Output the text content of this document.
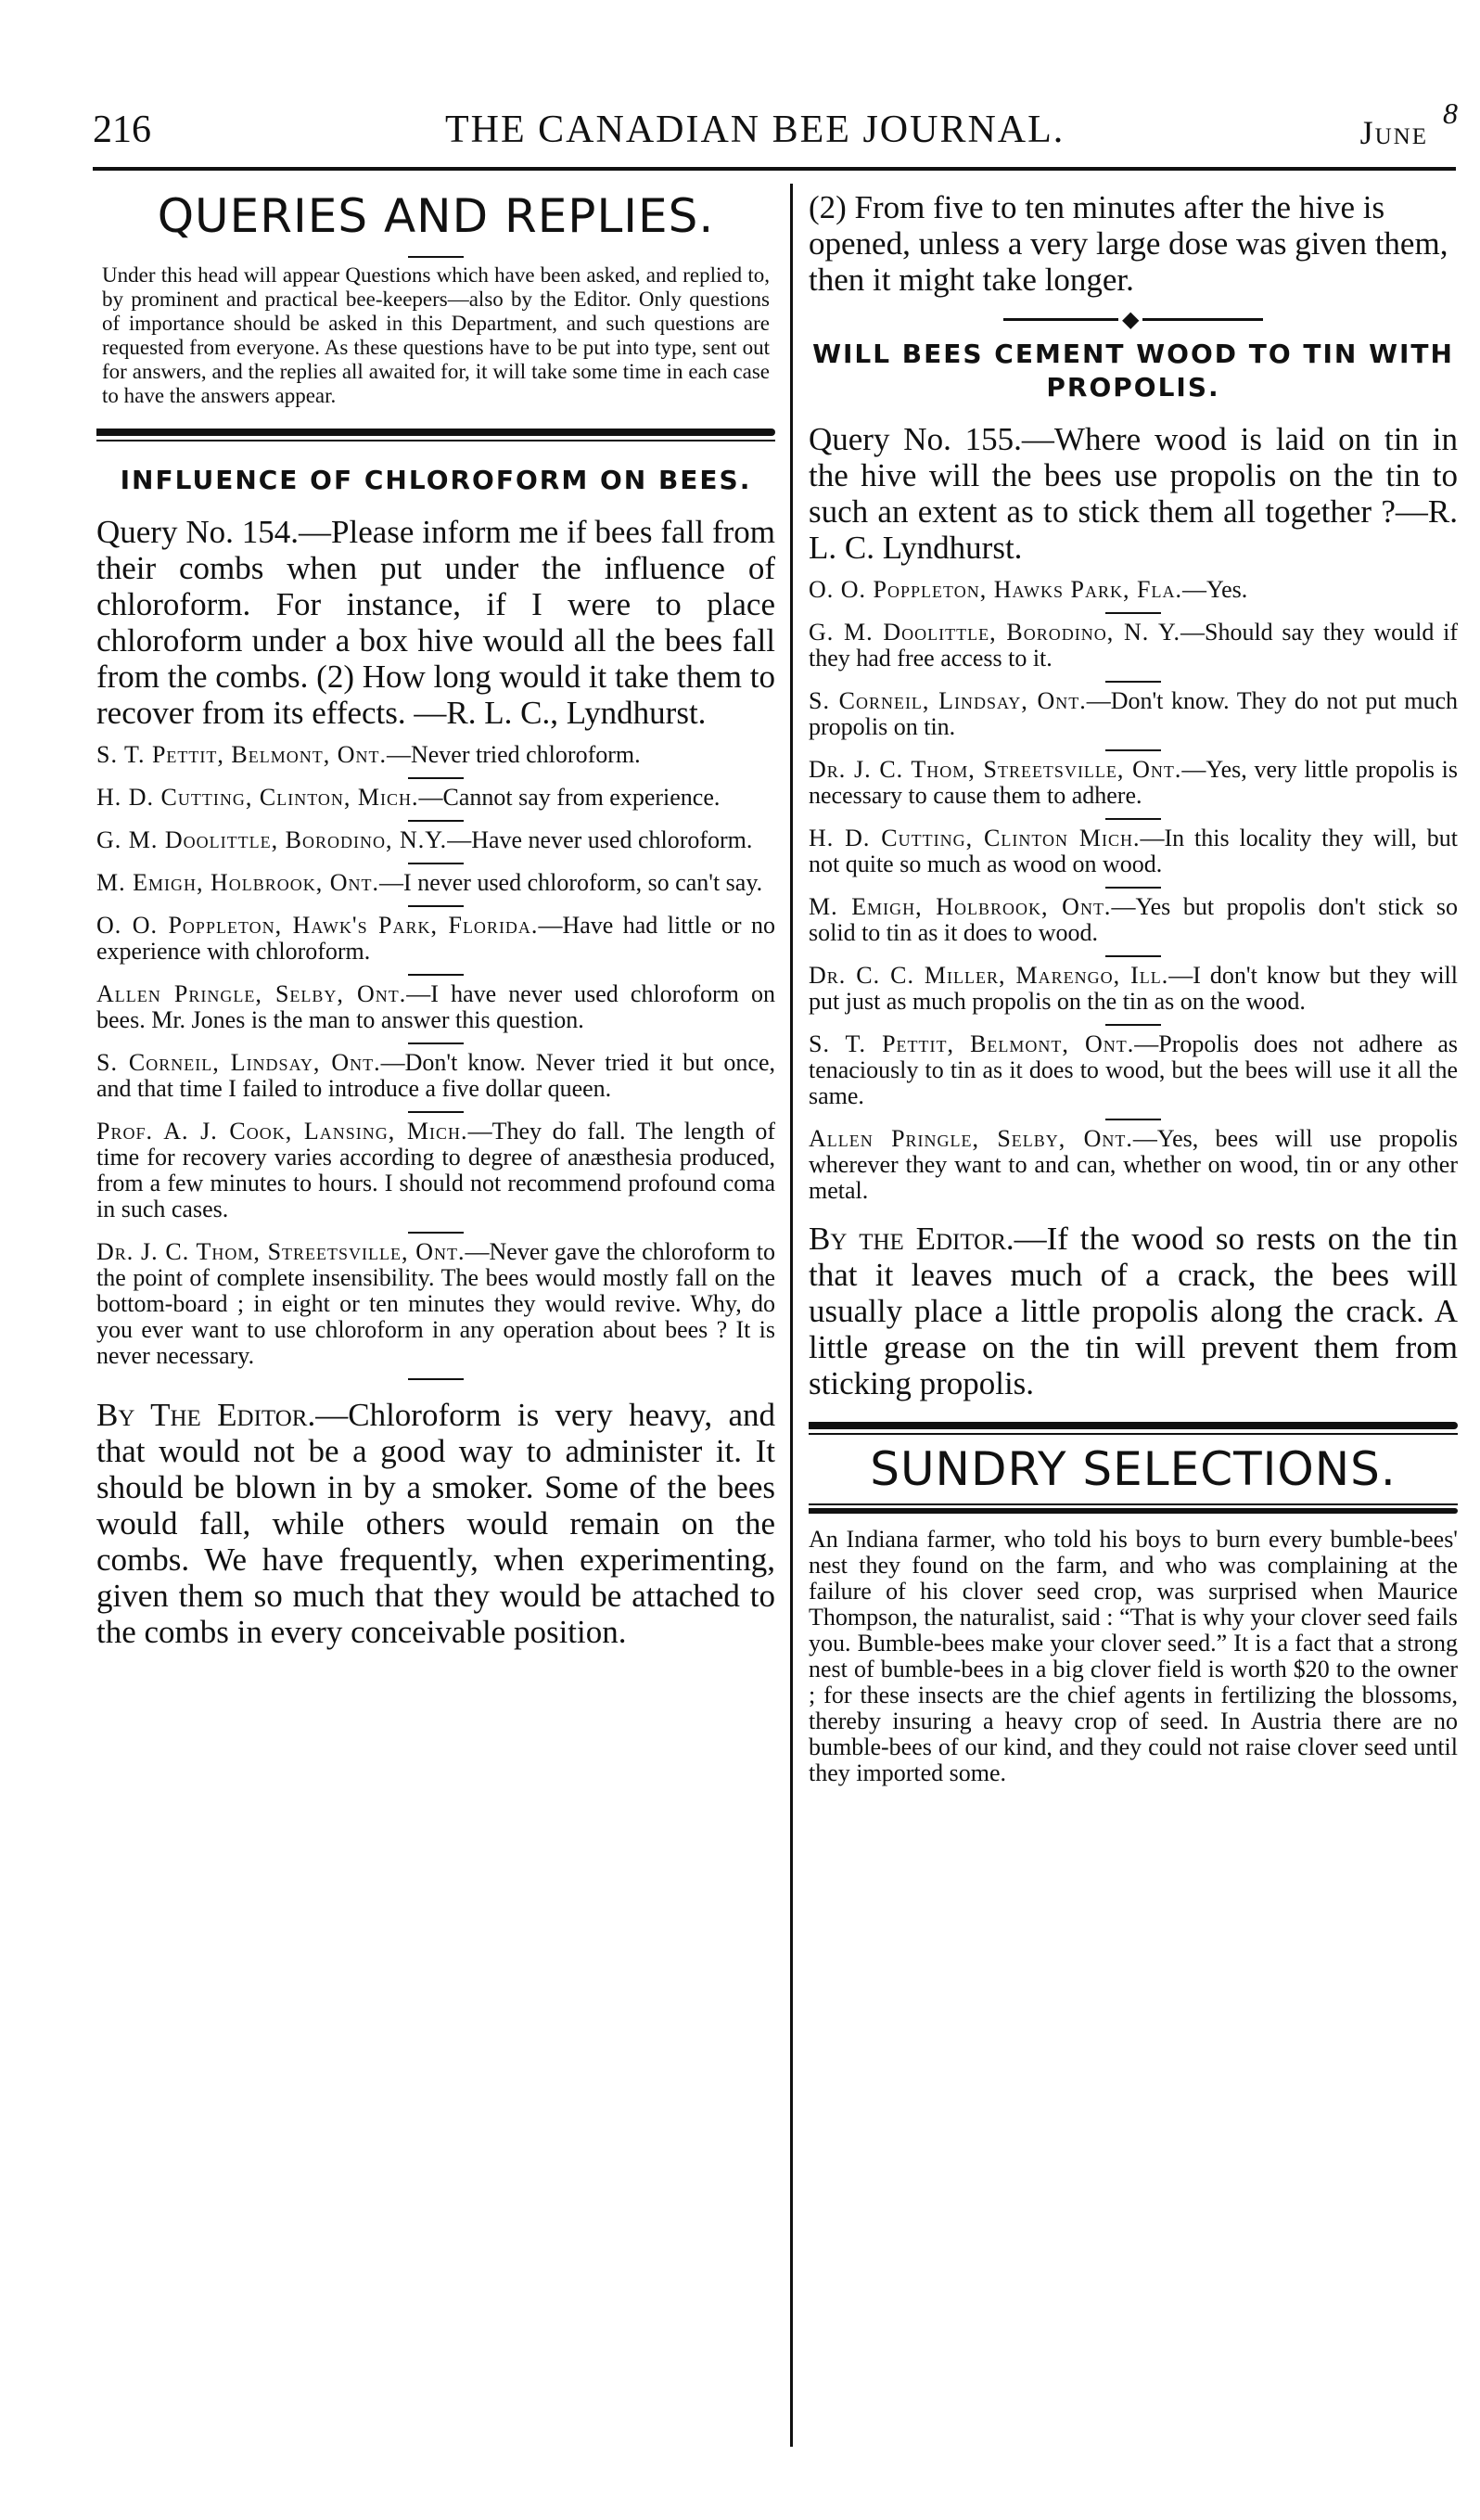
216	THE CANADIAN BEE JOURNAL.	June
8
QUERIES AND REPLIES.

Under this head will appear Questions which have been asked, and replied to, by prominent and practical bee-keepers—also by the Editor. Only questions of importance should be asked in this Department, and such questions are requested from everyone. As these questions have to be put into type, sent out for answers, and the replies all awaited for, it will take some time in each case to have the answers appear.

INFLUENCE OF CHLOROFORM ON BEES.

Query No. 154.—Please inform me if bees fall from their combs when put under the influence of chloroform. For instance, if I were to place chloroform under a box hive would all the bees fall from the combs. (2) How long would it take them to recover from its effects. —R. L. C., Lyndhurst.

S. T. Pettit, Belmont, Ont.—Never tried chloroform.

H. D. Cutting, Clinton, Mich.—Cannot say from experience.

G. M. Doolittle, Borodino, N.Y.—Have never used chloroform.

M. Emigh, Holbrook, Ont.—I never used chloroform, so can't say.

O. O. Poppleton, Hawk's Park, Florida.—Have had little or no experience with chloroform.

Allen Pringle, Selby, Ont.—I have never used chloroform on bees. Mr. Jones is the man to answer this question.

S. Corneil, Lindsay, Ont.—Don't know. Never tried it but once, and that time I failed to introduce a five dollar queen.

Prof. A. J. Cook, Lansing, Mich.—They do fall. The length of time for recovery varies according to degree of anæsthesia produced, from a few minutes to hours. I should not recommend profound coma in such cases.

Dr. J. C. Thom, Streetsville, Ont.—Never gave the chloroform to the point of complete insensibility. The bees would mostly fall on the bottom-board ; in eight or ten minutes they would revive. Why, do you ever want to use chloroform in any operation about bees ? It is never necessary.

By The Editor.—Chloroform is very heavy, and that would not be a good way to administer it. It should be blown in by a smoker. Some of the bees would fall, while others would remain on the combs. We have frequently, when experimenting, given them so much that they would be attached to the combs in every conceivable position.

(2) From five to ten minutes after the hive is opened, unless a very large dose was given them, then it might take longer.

◆
WILL BEES CEMENT WOOD TO TIN WITH PROPOLIS.

Query No. 155.—Where wood is laid on tin in the hive will the bees use propolis on the tin to such an extent as to stick them all together ?—R. L. C. Lyndhurst.

O. O. Poppleton, Hawks Park, Fla.—Yes.

G. M. Doolittle, Borodino, N. Y.—Should say they would if they had free access to it.

S. Corneil, Lindsay, Ont.—Don't know. They do not put much propolis on tin.

Dr. J. C. Thom, Streetsville, Ont.—Yes, very little propolis is necessary to cause them to adhere.

H. D. Cutting, Clinton Mich.—In this locality they will, but not quite so much as wood on wood.

M. Emigh, Holbrook, Ont.—Yes but propolis don't stick so solid to tin as it does to wood.

Dr. C. C. Miller, Marengo, Ill.—I don't know but they will put just as much propolis on the tin as on the wood.

S. T. Pettit, Belmont, Ont.—Propolis does not adhere as tenaciously to tin as it does to wood, but the bees will use it all the same.

Allen Pringle, Selby, Ont.—Yes, bees will use propolis wherever they want to and can, whether on wood, tin or any other metal.

By the Editor.—If the wood so rests on the tin that it leaves much of a crack, the bees will usually place a little propolis along the crack. A little grease on the tin will prevent them from sticking propolis.

SUNDRY SELECTIONS.

An Indiana farmer, who told his boys to burn every bumble-bees' nest they found on the farm, and who was complaining at the failure of his clover seed crop, was surprised when Maurice Thompson, the naturalist, said : “That is why your clover seed fails you. Bumble-bees make your clover seed.” It is a fact that a strong nest of bumble-bees in a big clover field is worth $20 to the owner ; for these insects are the chief agents in fertilizing the blossoms, thereby insuring a heavy crop of seed. In Austria there are no bumble-bees of our kind, and they could not raise clover seed until they imported some.
